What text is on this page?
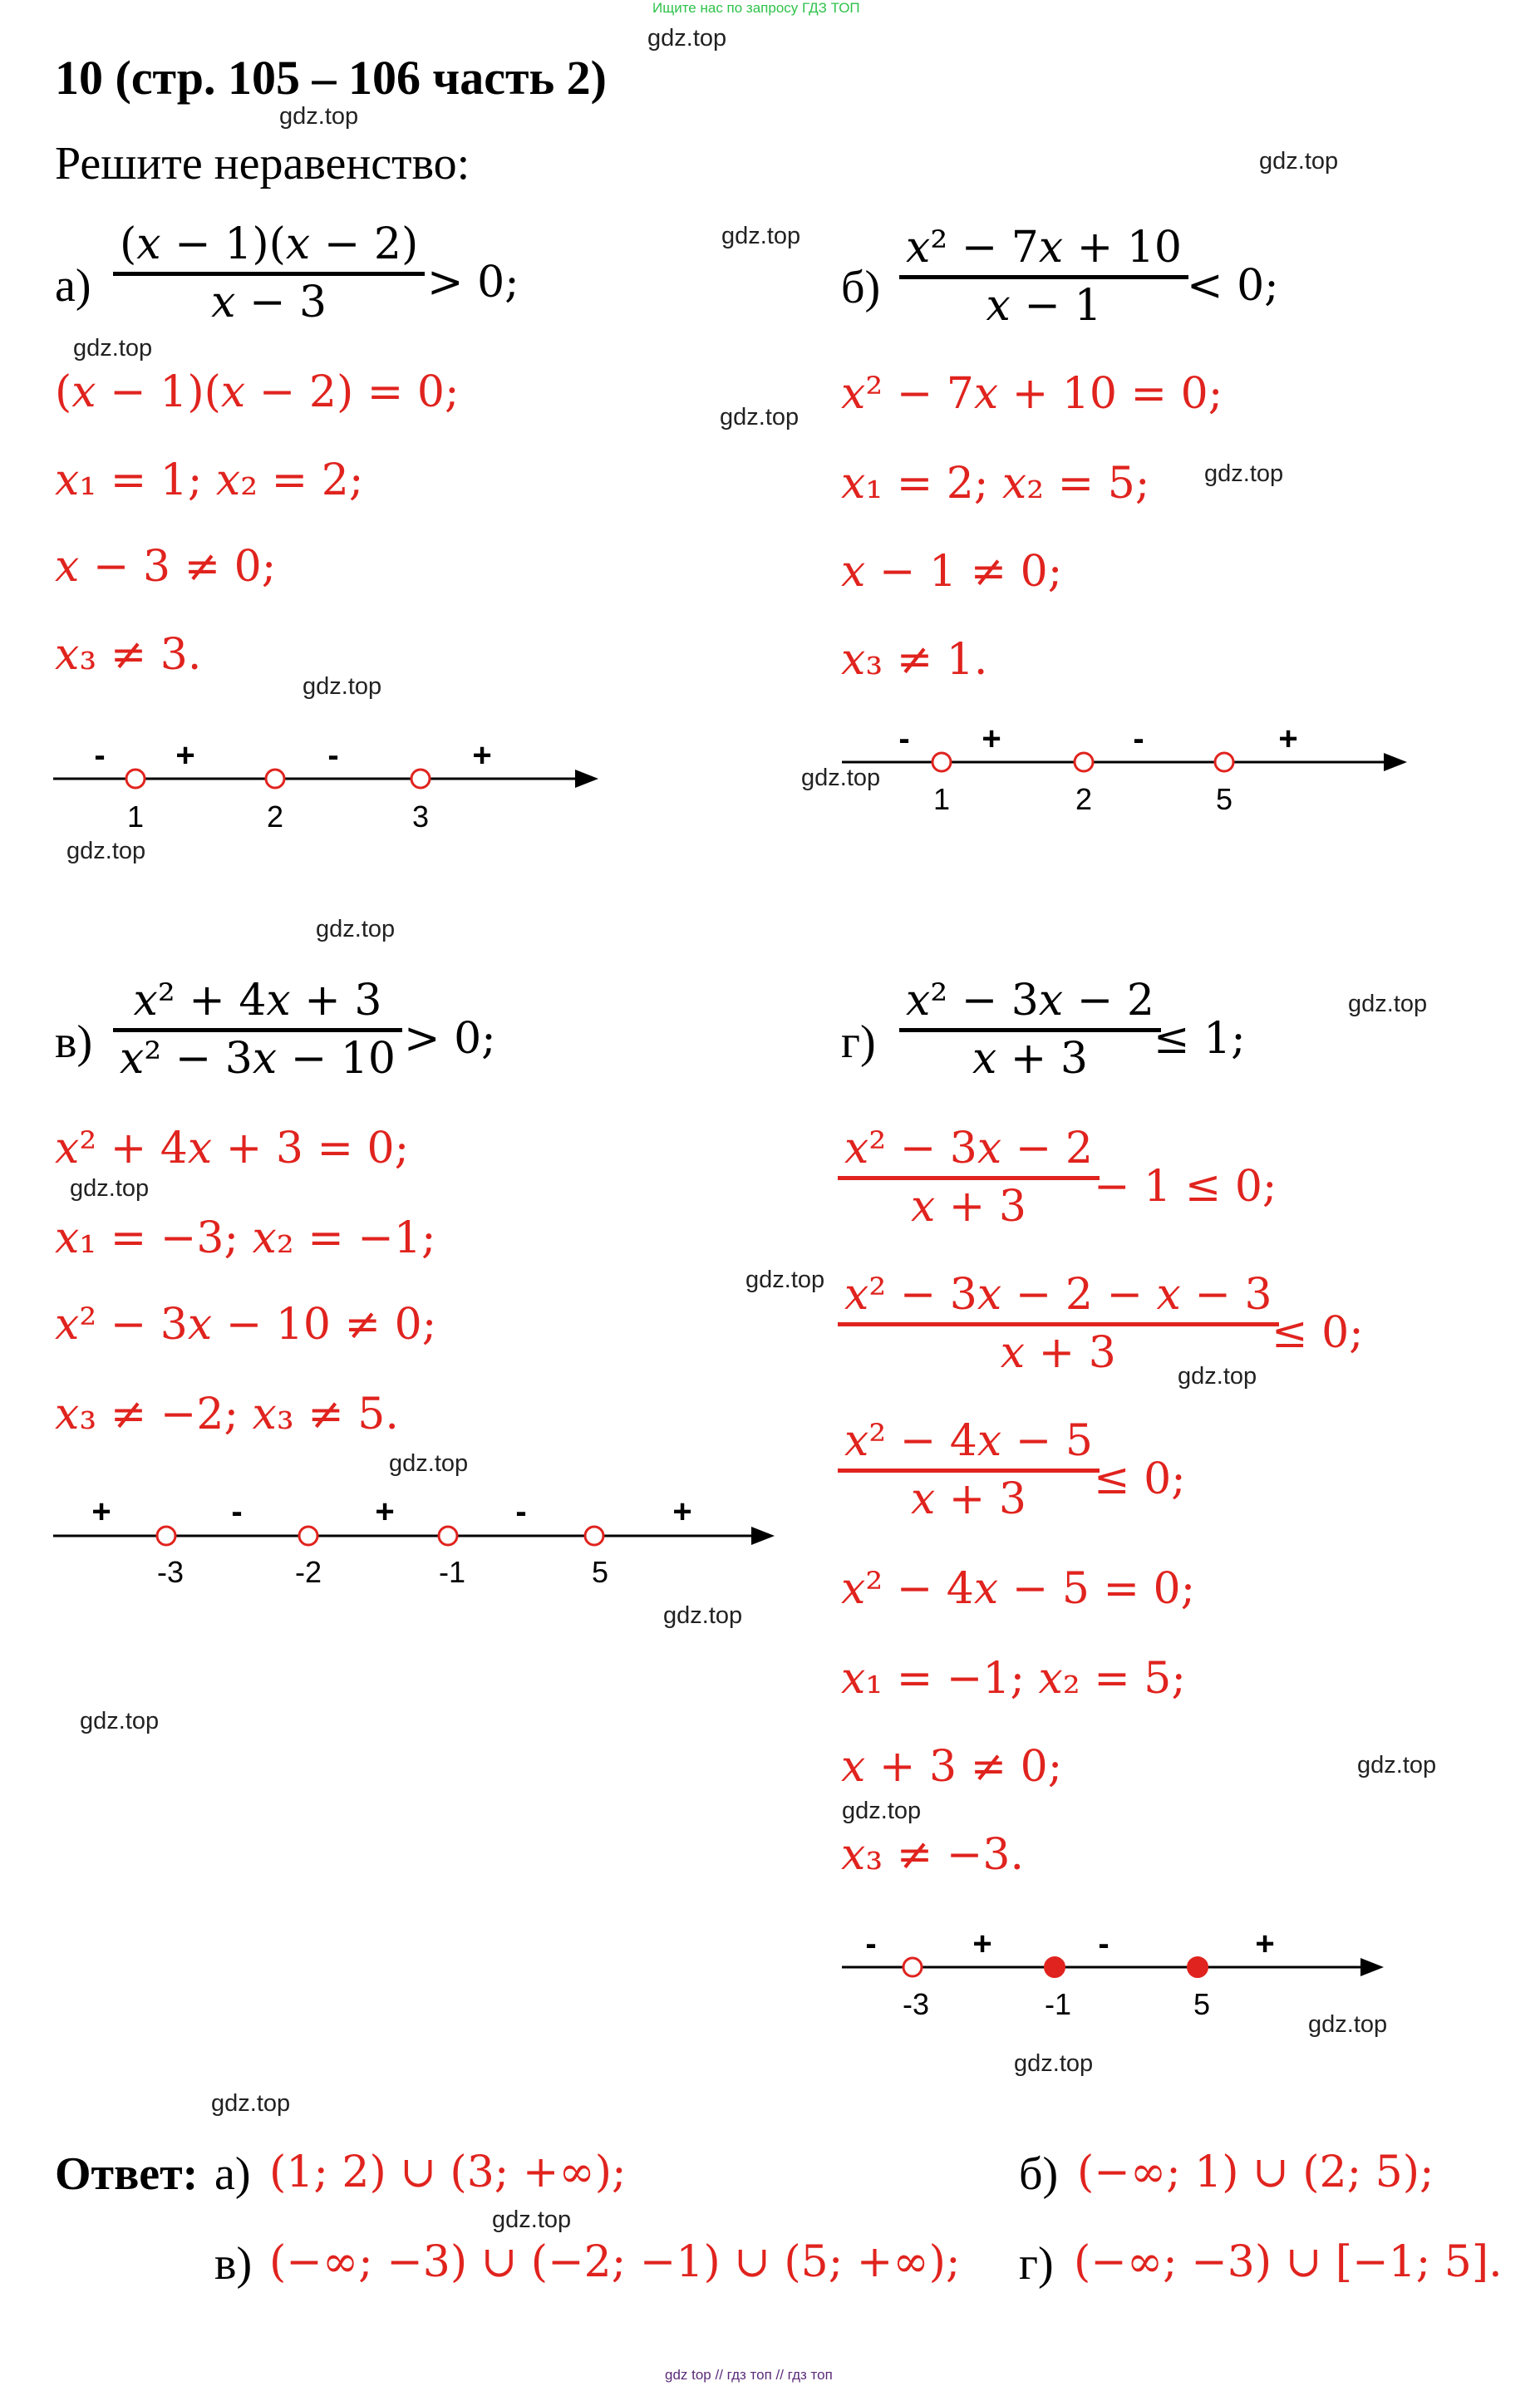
Ищите нас по запросу ГДЗ ТОП
10 (стр. 105 – 106 часть 2)
Решите неравенство:
gdz.top
gdz.top
gdz.top
gdz.top
gdz.top
gdz.top
gdz.top
gdz.top
gdz.top
gdz.top
gdz.top
gdz.top
gdz.top
gdz.top
gdz.top
gdz.top
gdz.top
gdz.top
gdz.top
gdz.top
gdz.top
gdz.top
gdz.top
gdz.top
а)
(𝑥 − 1)(𝑥 − 2)
𝑥 − 3 > 0;
(𝑥 − 1)(𝑥 − 2) = 0;
𝑥₁ = 1; 𝑥₂ = 2;
𝑥 − 3 ≠ 0;
𝑥₃ ≠ 3.
1	2	3
- +	-	+
б)
𝑥² − 7𝑥 + 10
𝑥 − 1 < 0;
𝑥² − 7𝑥 + 10 = 0;
𝑥₁ = 2; 𝑥₂ = 5;
𝑥 − 1 ≠ 0;
𝑥₃ ≠ 1.
1	2	5
- +	-	+
в)
𝑥² + 4𝑥 + 3
𝑥² − 3𝑥 − 10 > 0;
𝑥² + 4𝑥 + 3 = 0;
𝑥₁ = −3; 𝑥₂ = −1;
𝑥² − 3𝑥 − 10 ≠ 0;
𝑥₃ ≠ −2; 𝑥₃ ≠ 5.
-3	-2	-1	5
+	-	+	-	+
г)
𝑥² − 3𝑥 − 2
𝑥 + 3 ≤ 1;
𝑥² − 3𝑥 − 2
𝑥 + 3 − 1 ≤ 0;
𝑥² − 3𝑥 − 2 − 𝑥 − 3
𝑥 + 3	≤ 0;
𝑥² − 4𝑥 − 5
𝑥 + 3 ≤ 0;
𝑥² − 4𝑥 − 5 = 0;
𝑥₁ = −1; 𝑥₂ = 5;
𝑥 + 3 ≠ 0;
𝑥₃ ≠ −3.
-3	-1	5
-	+	-	+
Ответ: а) (1; 2) ∪ (3; +∞);	б) (−∞; 1) ∪ (2; 5);
в) (−∞; −3) ∪ (−2; −1) ∪ (5; +∞); г) (−∞; −3) ∪ [−1; 5].
gdz top // гдз топ // гдз топ
